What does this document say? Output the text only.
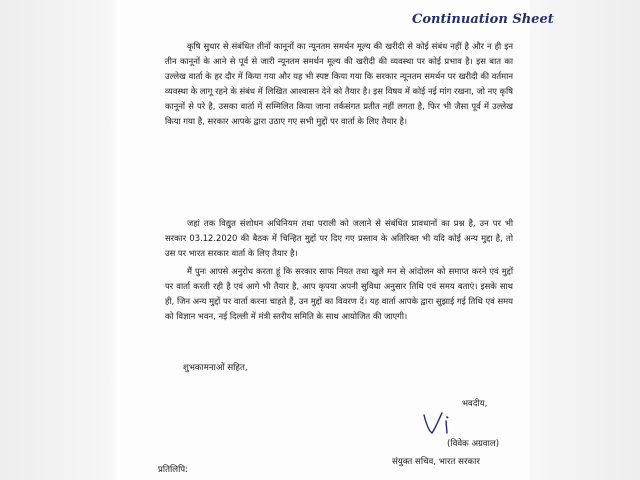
Continuation Sheet

कृषि सुधार से संबंधित तीनों कानूनों का न्यूनतम समर्थन मूल्य की खरीदी से कोई संबंध नहीं है और न ही इन तीन कानूनों के आने से पूर्व से जारी न्यूनतम समर्थन मूल्य की खरीदी की व्यवस्था पर कोई प्रभाव है। इस बात का उल्लेख वार्ता के हर दौर में किया गया और यह भी स्पष्ट किया गया कि सरकार न्यूनतम समर्थन पर खरीदी की वर्तमान व्यवस्था के लागू रहने के संबंध में लिखित आश्वासन देने को तैयार है। इस विषय में कोई नई मांग रखना, जो नए कृषि कानूनों से परे है, उसका वार्ता में सम्मिलित किया जाना तर्कसंगत प्रतीत नहीं लगता है, फिर भी जैसा पूर्व में उल्लेख किया गया है, सरकार आपके द्वारा उठाए गए सभी मुद्दों पर वार्ता के लिए तैयार है।

जहां तक विद्युत संशोधन अधिनियम तथा पराली को जलाने से संबंधित प्रावधानों का प्रश्न है, उन पर भी सरकार 03.12.2020 की बैठक में चिन्हित मुद्दों पर दिए गए प्रस्ताव के अतिरिक्त भी यदि कोई अन्य मुद्दा है, तो उस पर भारत सरकार वार्ता के लिए तैयार है।

मैं पुनः आपसे अनुरोध करता हूं कि सरकार साफ नियत तथा खुले मन से आंदोलन को समाप्त करने एवं मुद्दों पर वार्ता करती रही है एवं आगे भी तैयार है, आप कृपया अपनी सुविधा अनुसार तिथि एवं समय बताएं। इसके साथ ही, जिन अन्य मुद्दों पर वार्ता करना चाहते हैं, उन मुद्दों का विवरण दें। यह वार्ता आपके द्वारा सुझाई गई तिथि एवं समय को विज्ञान भवन, नई दिल्ली में मंत्री स्तरीय समिति के साथ आयोजित की जाएगी।

शुभकामनाओं सहित,
भवदीय,
(विवेक अग्रवाल)
संयुक्त सचिव, भारत सरकार
प्रतिलिपि:
